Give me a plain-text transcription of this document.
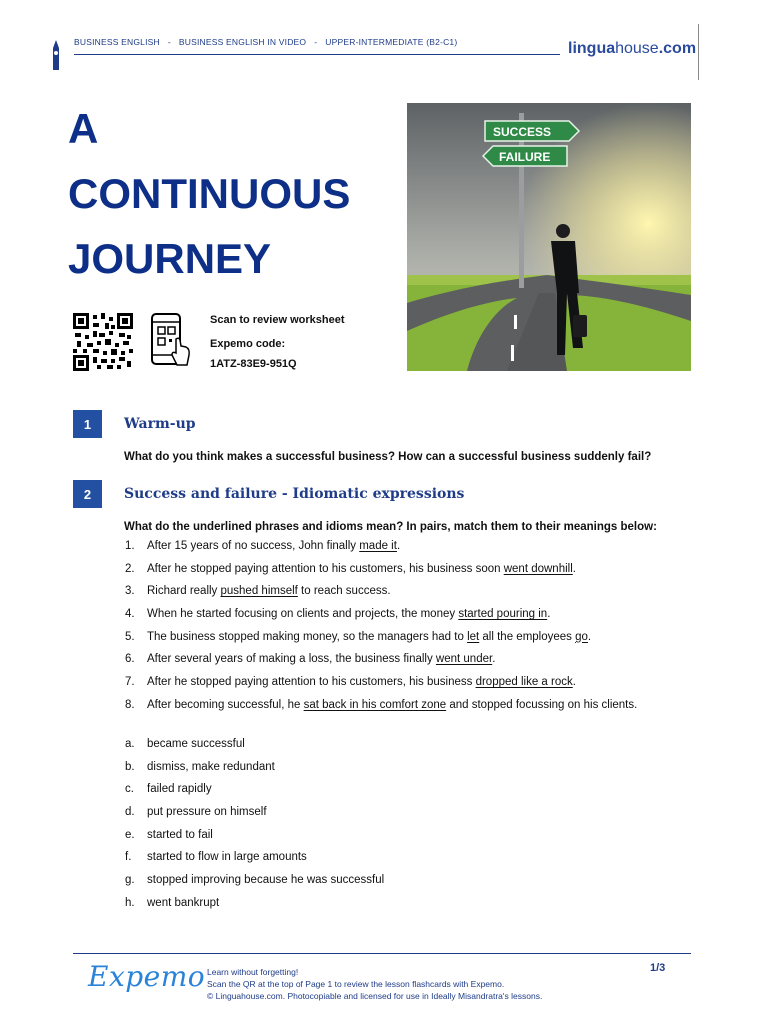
BUSINESS ENGLISH - BUSINESS ENGLISH IN VIDEO - UPPER-INTERMEDIATE (B2-C1)	linguahouse.com
A
CONTINUOUS
JOURNEY
SUCCESS
FAILURE
Scan to review worksheet
Expemo code:
1ATZ-83E9-951Q
1	Warm-up
What do you think makes a successful business? How can a successful business suddenly fail?
2	Success and failure - Idiomatic expressions
What do the underlined phrases and idioms mean? In pairs, match them to their meanings below:
1. After 15 years of no success, John finally made it.
2. After he stopped paying attention to his customers, his business soon went downhill.
3. Richard really pushed himself to reach success.
4. When he started focusing on clients and projects, the money started pouring in.
5. The business stopped making money, so the managers had to let all the employees go.
6. After several years of making a loss, the business finally went under.
7. After he stopped paying attention to his customers, his business dropped like a rock.
8. After becoming successful, he sat back in his comfort zone and stopped focussing on his clients.
a. became successful
b. dismiss, make redundant
c. failed rapidly
d. put pressure on himself
e. started to fail
f. started to flow in large amounts
g. stopped improving because he was successful
h. went bankrupt
Expemo Learn without forgetting!
Scan the QR at the top of Page 1 to review the lesson flashcards with Expemo.
© Linguahouse.com. Photocopiable and licensed for use in Ideally Misandratra's lessons.
1/3
